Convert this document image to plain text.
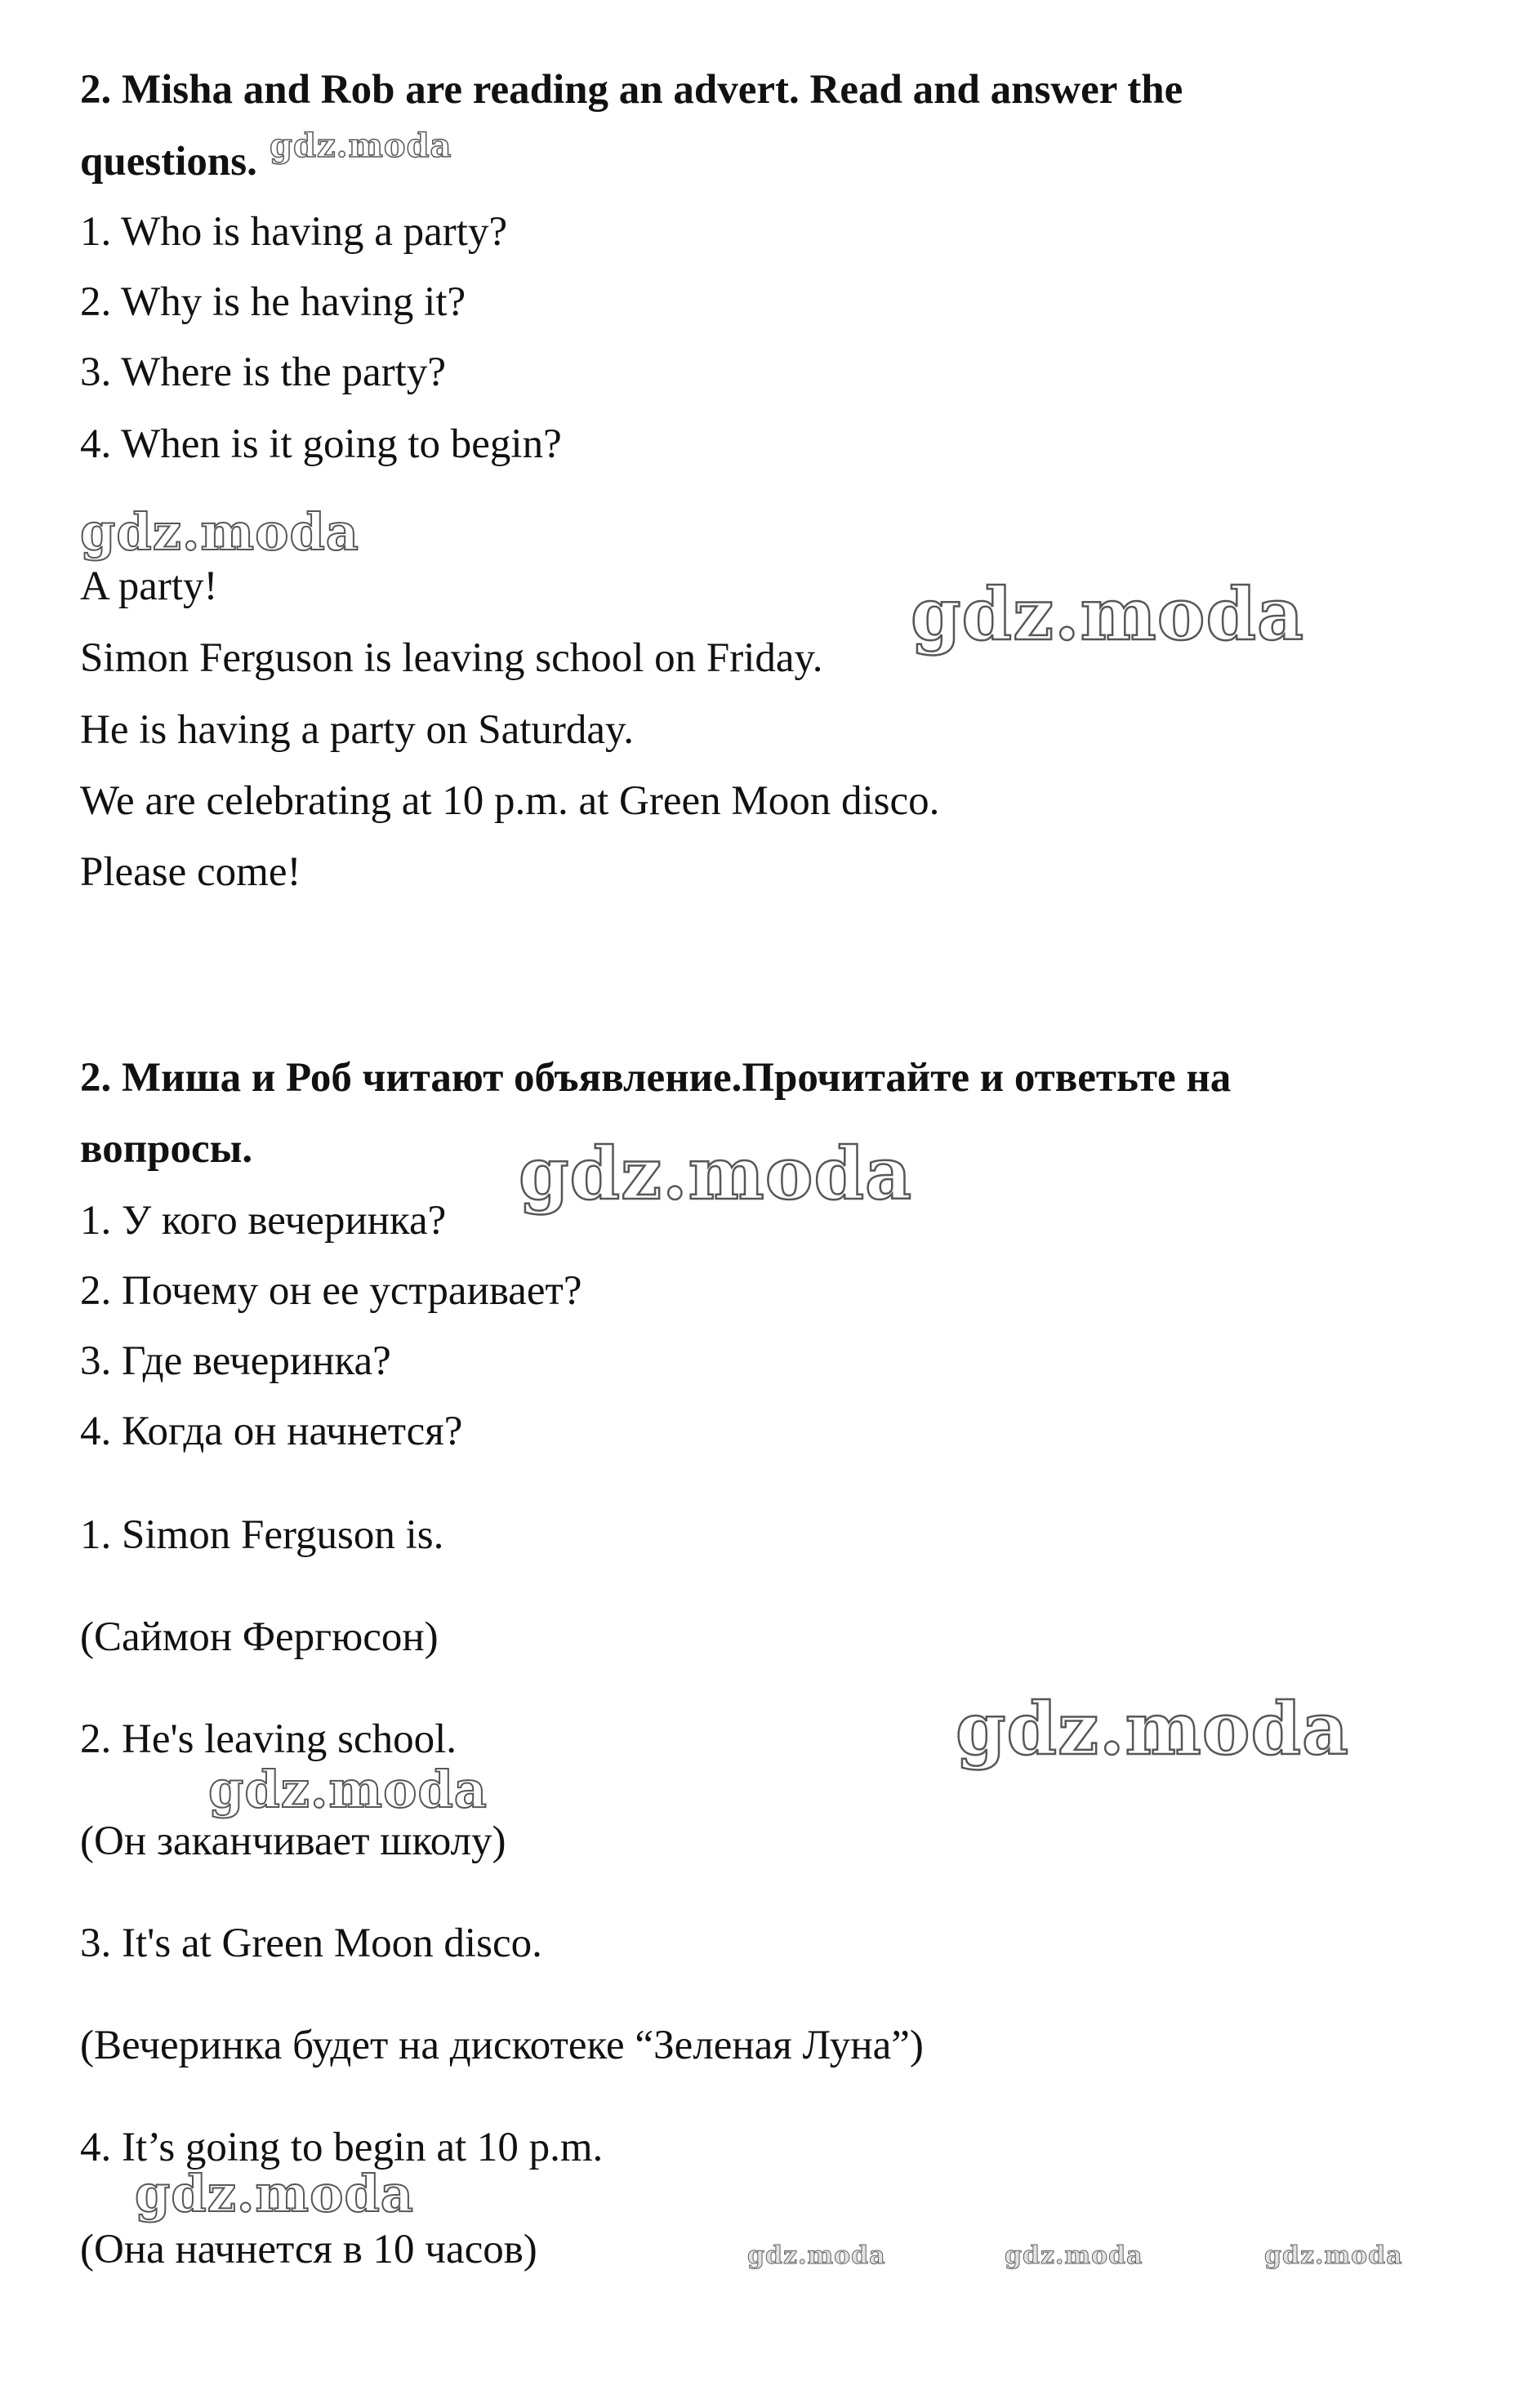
2. Misha and Rob are reading an advert. Read and answer the
questions.
1. Who is having a party?
2. Why is he having it?
3. Where is the party?
4. When is it going to begin?
A party!
Simon Ferguson is leaving school on Friday.
He is having a party on Saturday.
We are celebrating at 10 p.m. at Green Moon disco.
Please come!
2. Миша и Роб читают объявление.Прочитайте и ответьте на
вопросы.
1. У кого вечеринка?
2. Почему он ее устраивает?
3. Где вечеринка?
4. Когда он начнется?
1. Simon Ferguson is.
(Саймон Фергюсон)
2. He's leaving school.
(Он заканчивает школу)
3. It's at Green Moon disco.
(Вечеринка будет на дискотеке “Зеленая Луна”)
4. It’s going to begin at 10 p.m.
(Она начнется в 10 часов)
gdz.moda
gdz.moda
gdz.moda
gdz.moda
gdz.moda
gdz.moda
gdz.moda
gdz.moda	gdz.moda	gdz.moda
